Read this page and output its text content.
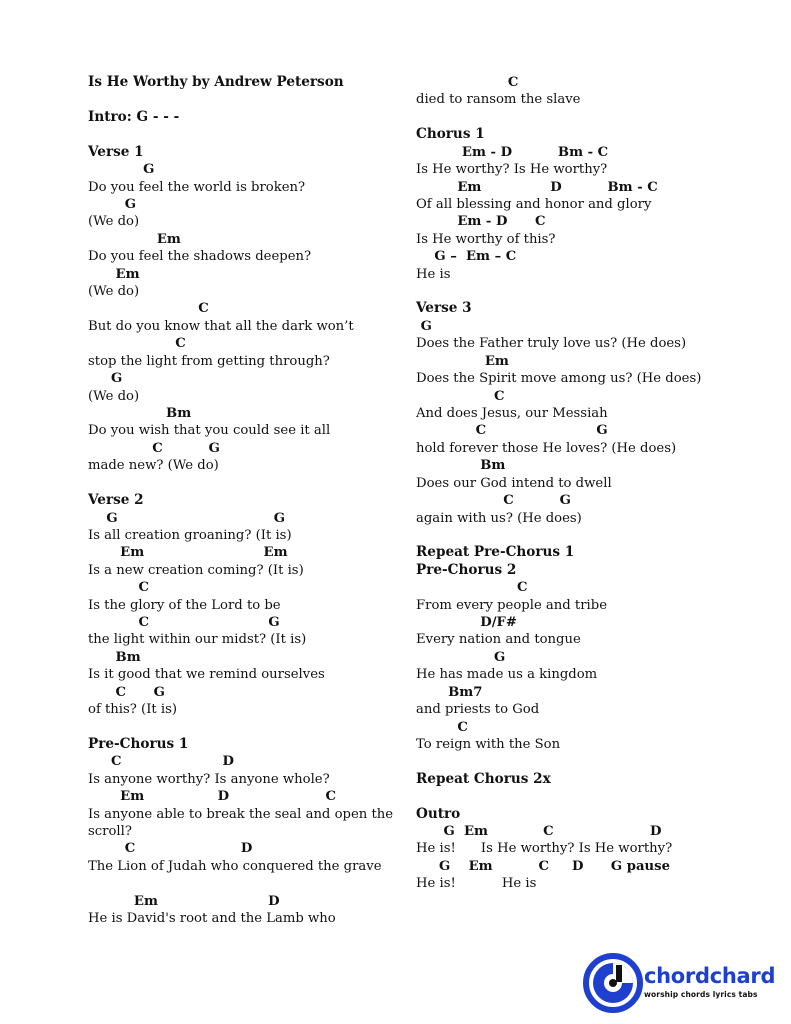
Is He Worthy by Andrew Peterson
Intro: G - - -
Verse 1
G
Do you feel the world is broken?
G
(We do)
Em
Do you feel the shadows deepen?
Em
(We do)
C
But do you know that all the dark won’t
C
stop the light from getting through?
G
(We do)
Bm
Do you wish that you could see it all
C          G
made new? (We do)
Verse 2
G                                  G
Is all creation groaning? (It is)
Em                          Em
Is a new creation coming? (It is)
C
Is the glory of the Lord to be
C                          G
the light within our midst? (It is)
Bm
Is it good that we remind ourselves
C      G
of this? (It is)
Pre-Chorus 1
C                      D
Is anyone worthy? Is anyone whole?
Em                D                     C
Is anyone able to break the seal and open the
scroll?
C                       D
The Lion of Judah who conquered the grave
Em                        D
He is David's root and the Lamb who
C
died to ransom the slave
Chorus 1
Em - D          Bm - C
Is He worthy? Is He worthy?
Em               D          Bm - C
Of all blessing and honor and glory
Em - D      C
Is He worthy of this?
G –  Em – C
He is
Verse 3
G
Does the Father truly love us? (He does)
Em
Does the Spirit move among us? (He does)
C
And does Jesus, our Messiah
C                        G
hold forever those He loves? (He does)
Bm
Does our God intend to dwell
C          G
again with us? (He does)
Repeat Pre-Chorus 1
Pre-Chorus 2
C
From every people and tribe
D/F#
Every nation and tongue
G
He has made us a kingdom
Bm7
and priests to God
C
To reign with the Son
Repeat Chorus 2x
Outro
G  Em            C                     D
He is!      Is He worthy? Is He worthy?
G    Em          C     D      G pause
He is!           He is
chordchard
worship chords lyrics tabs
